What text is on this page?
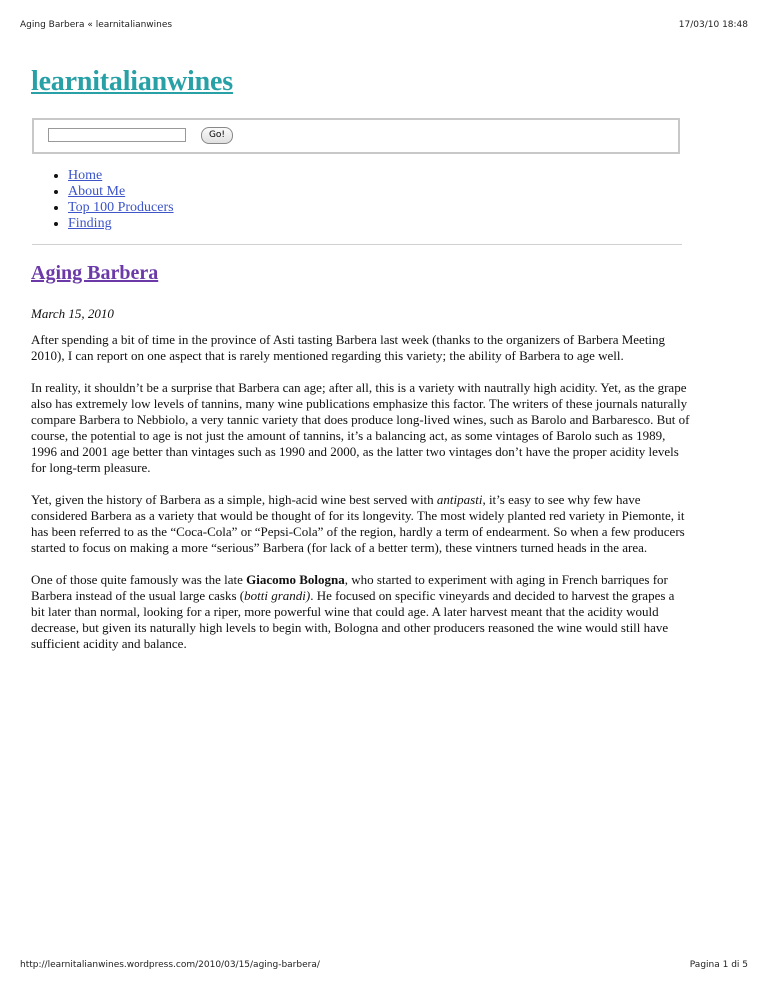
Aging Barbera « learnitalianwines	17/03/10 18:48
learnitalianwines
Go!
• Home
• About Me
• Top 100 Producers
• Finding
Aging Barbera

March 15, 2010

After spending a bit of time in the province of Asti tasting Barbera last week (thanks to the organizers of Barbera Meeting 2010), I can report on one aspect that is rarely mentioned regarding this variety; the ability of Barbera to age well.

In reality, it shouldn’t be a surprise that Barbera can age; after all, this is a variety with nautrally high acidity. Yet, as the grape also has extremely low levels of tannins, many wine publications emphasize this factor. The writers of these journals naturally compare Barbera to Nebbiolo, a very tannic variety that does produce long-lived wines, such as Barolo and Barbaresco. But of course, the potential to age is not just the amount of tannins, it’s a balancing act, as some vintages of Barolo such as 1989, 1996 and 2001 age better than vintages such as 1990 and 2000, as the latter two vintages don’t have the proper acidity levels for long-term pleasure.

Yet, given the history of Barbera as a simple, high-acid wine best served with antipasti, it’s easy to see why few have considered Barbera as a variety that would be thought of for its longevity. The most widely planted red variety in Piemonte, it has been referred to as the “Coca-Cola” or “Pepsi-Cola” of the region, hardly a term of endearment. So when a few producers started to focus on making a more “serious” Barbera (for lack of a better term), these vintners turned heads in the area.

One of those quite famously was the late Giacomo Bologna, who started to experiment with aging in French barriques for Barbera instead of the usual large casks (botti grandi). He focused on specific vineyards and decided to harvest the grapes a bit later than normal, looking for a riper, more powerful wine that could age. A later harvest meant that the acidity would decrease, but given its naturally high levels to begin with, Bologna and other producers reasoned the wine would still have sufficient acidity and balance.

http://learnitalianwines.wordpress.com/2010/03/15/aging-barbera/	Pagina 1 di 5
